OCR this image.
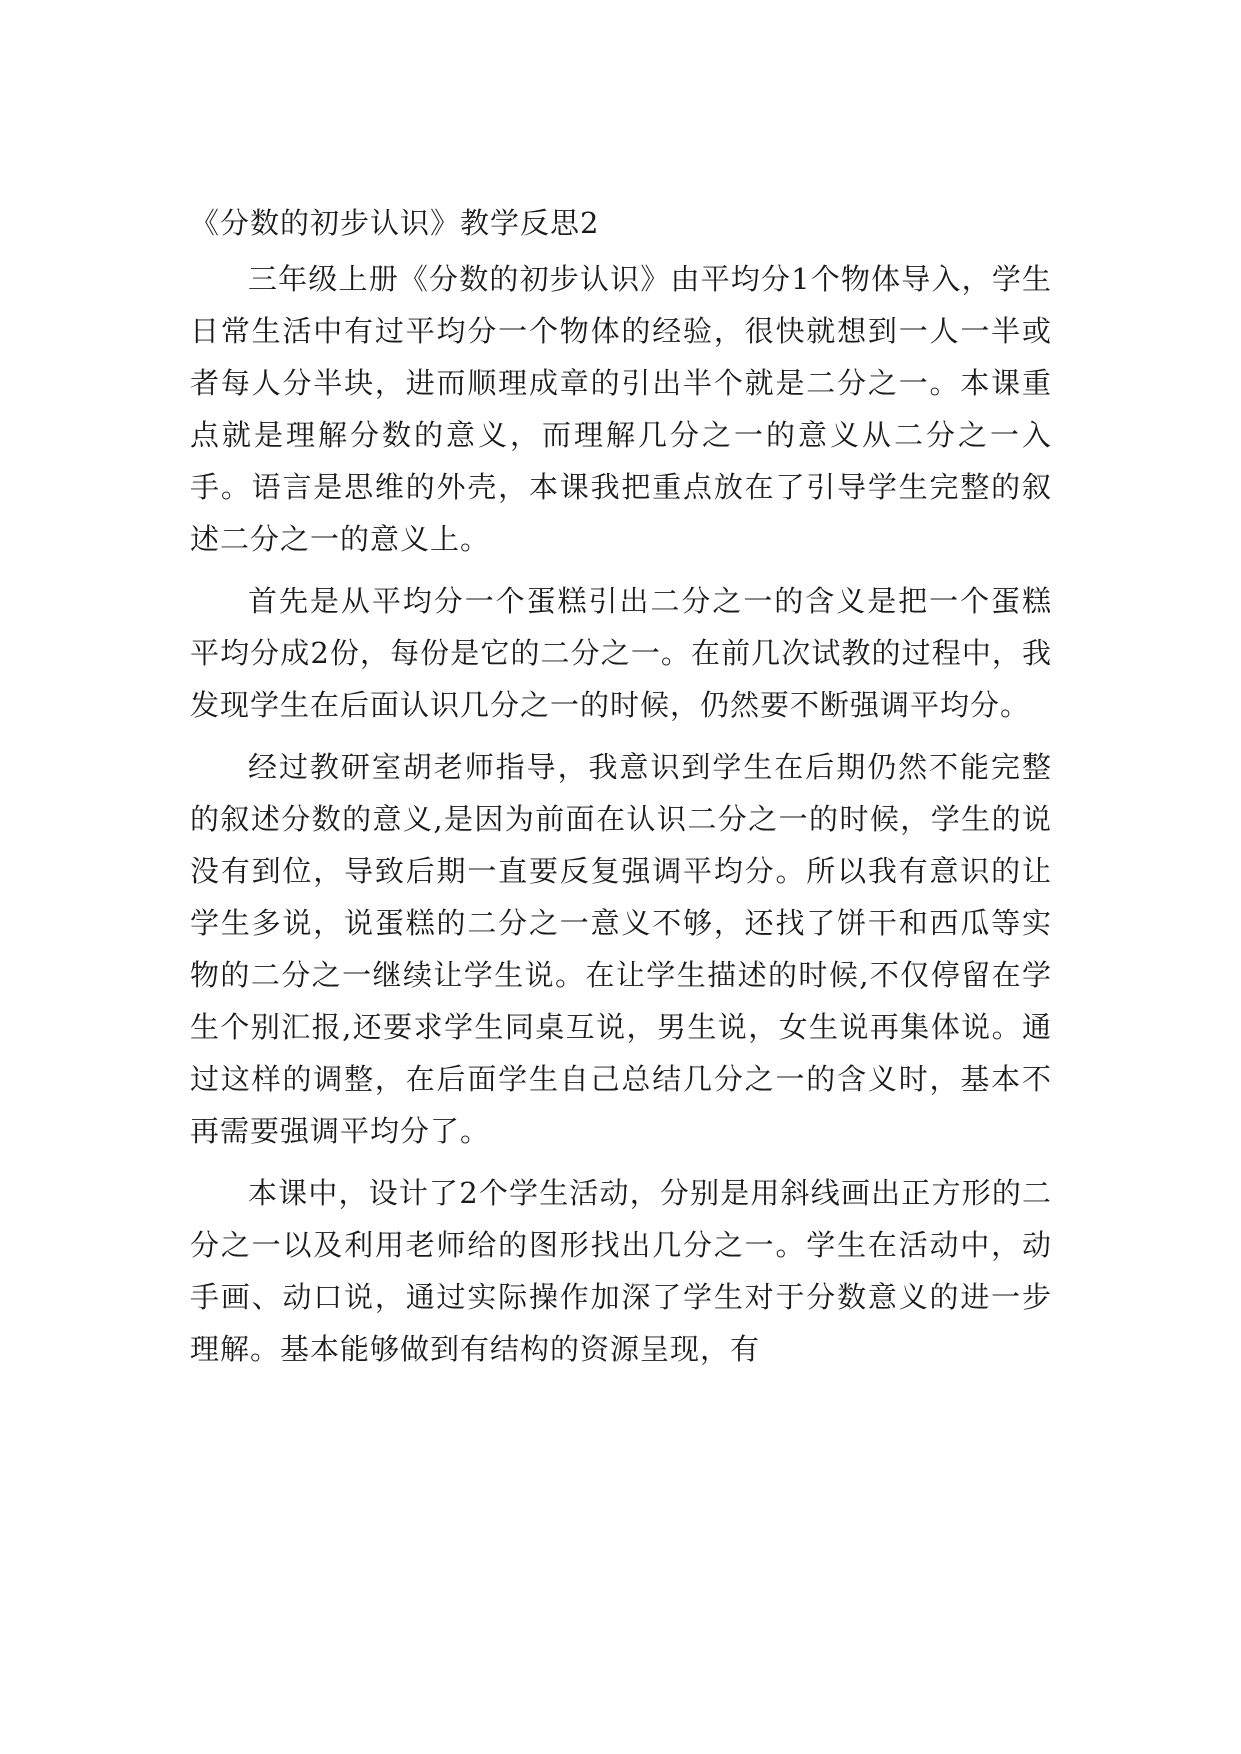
《分数的初步认识》教学反思2

三年级上册《分数的初步认识》由平均分1个物体导入，学生日常生活中有过平均分一个物体的经验，很快就想到一人一半或者每人分半块，进而顺理成章的引出半个就是二分之一。本课重点就是理解分数的意义，而理解几分之一的意义从二分之一入手。语言是思维的外壳，本课我把重点放在了引导学生完整的叙述二分之一的意义上。

首先是从平均分一个蛋糕引出二分之一的含义是把一个蛋糕平均分成2份，每份是它的二分之一。在前几次试教的过程中，我发现学生在后面认识几分之一的时候，仍然要不断强调平均分。

经过教研室胡老师指导，我意识到学生在后期仍然不能完整的叙述分数的意义,是因为前面在认识二分之一的时候，学生的说没有到位，导致后期一直要反复强调平均分。所以我有意识的让学生多说，说蛋糕的二分之一意义不够，还找了饼干和西瓜等实物的二分之一继续让学生说。在让学生描述的时候,不仅停留在学生个别汇报,还要求学生同桌互说，男生说，女生说再集体说。通过这样的调整，在后面学生自己总结几分之一的含义时，基本不再需要强调平均分了。

本课中，设计了2个学生活动，分别是用斜线画出正方形的二分之一以及利用老师给的图形找出几分之一。学生在活动中，动手画、动口说，通过实际操作加深了学生对于分数意义的进一步理解。基本能够做到有结构的资源呈现，有
